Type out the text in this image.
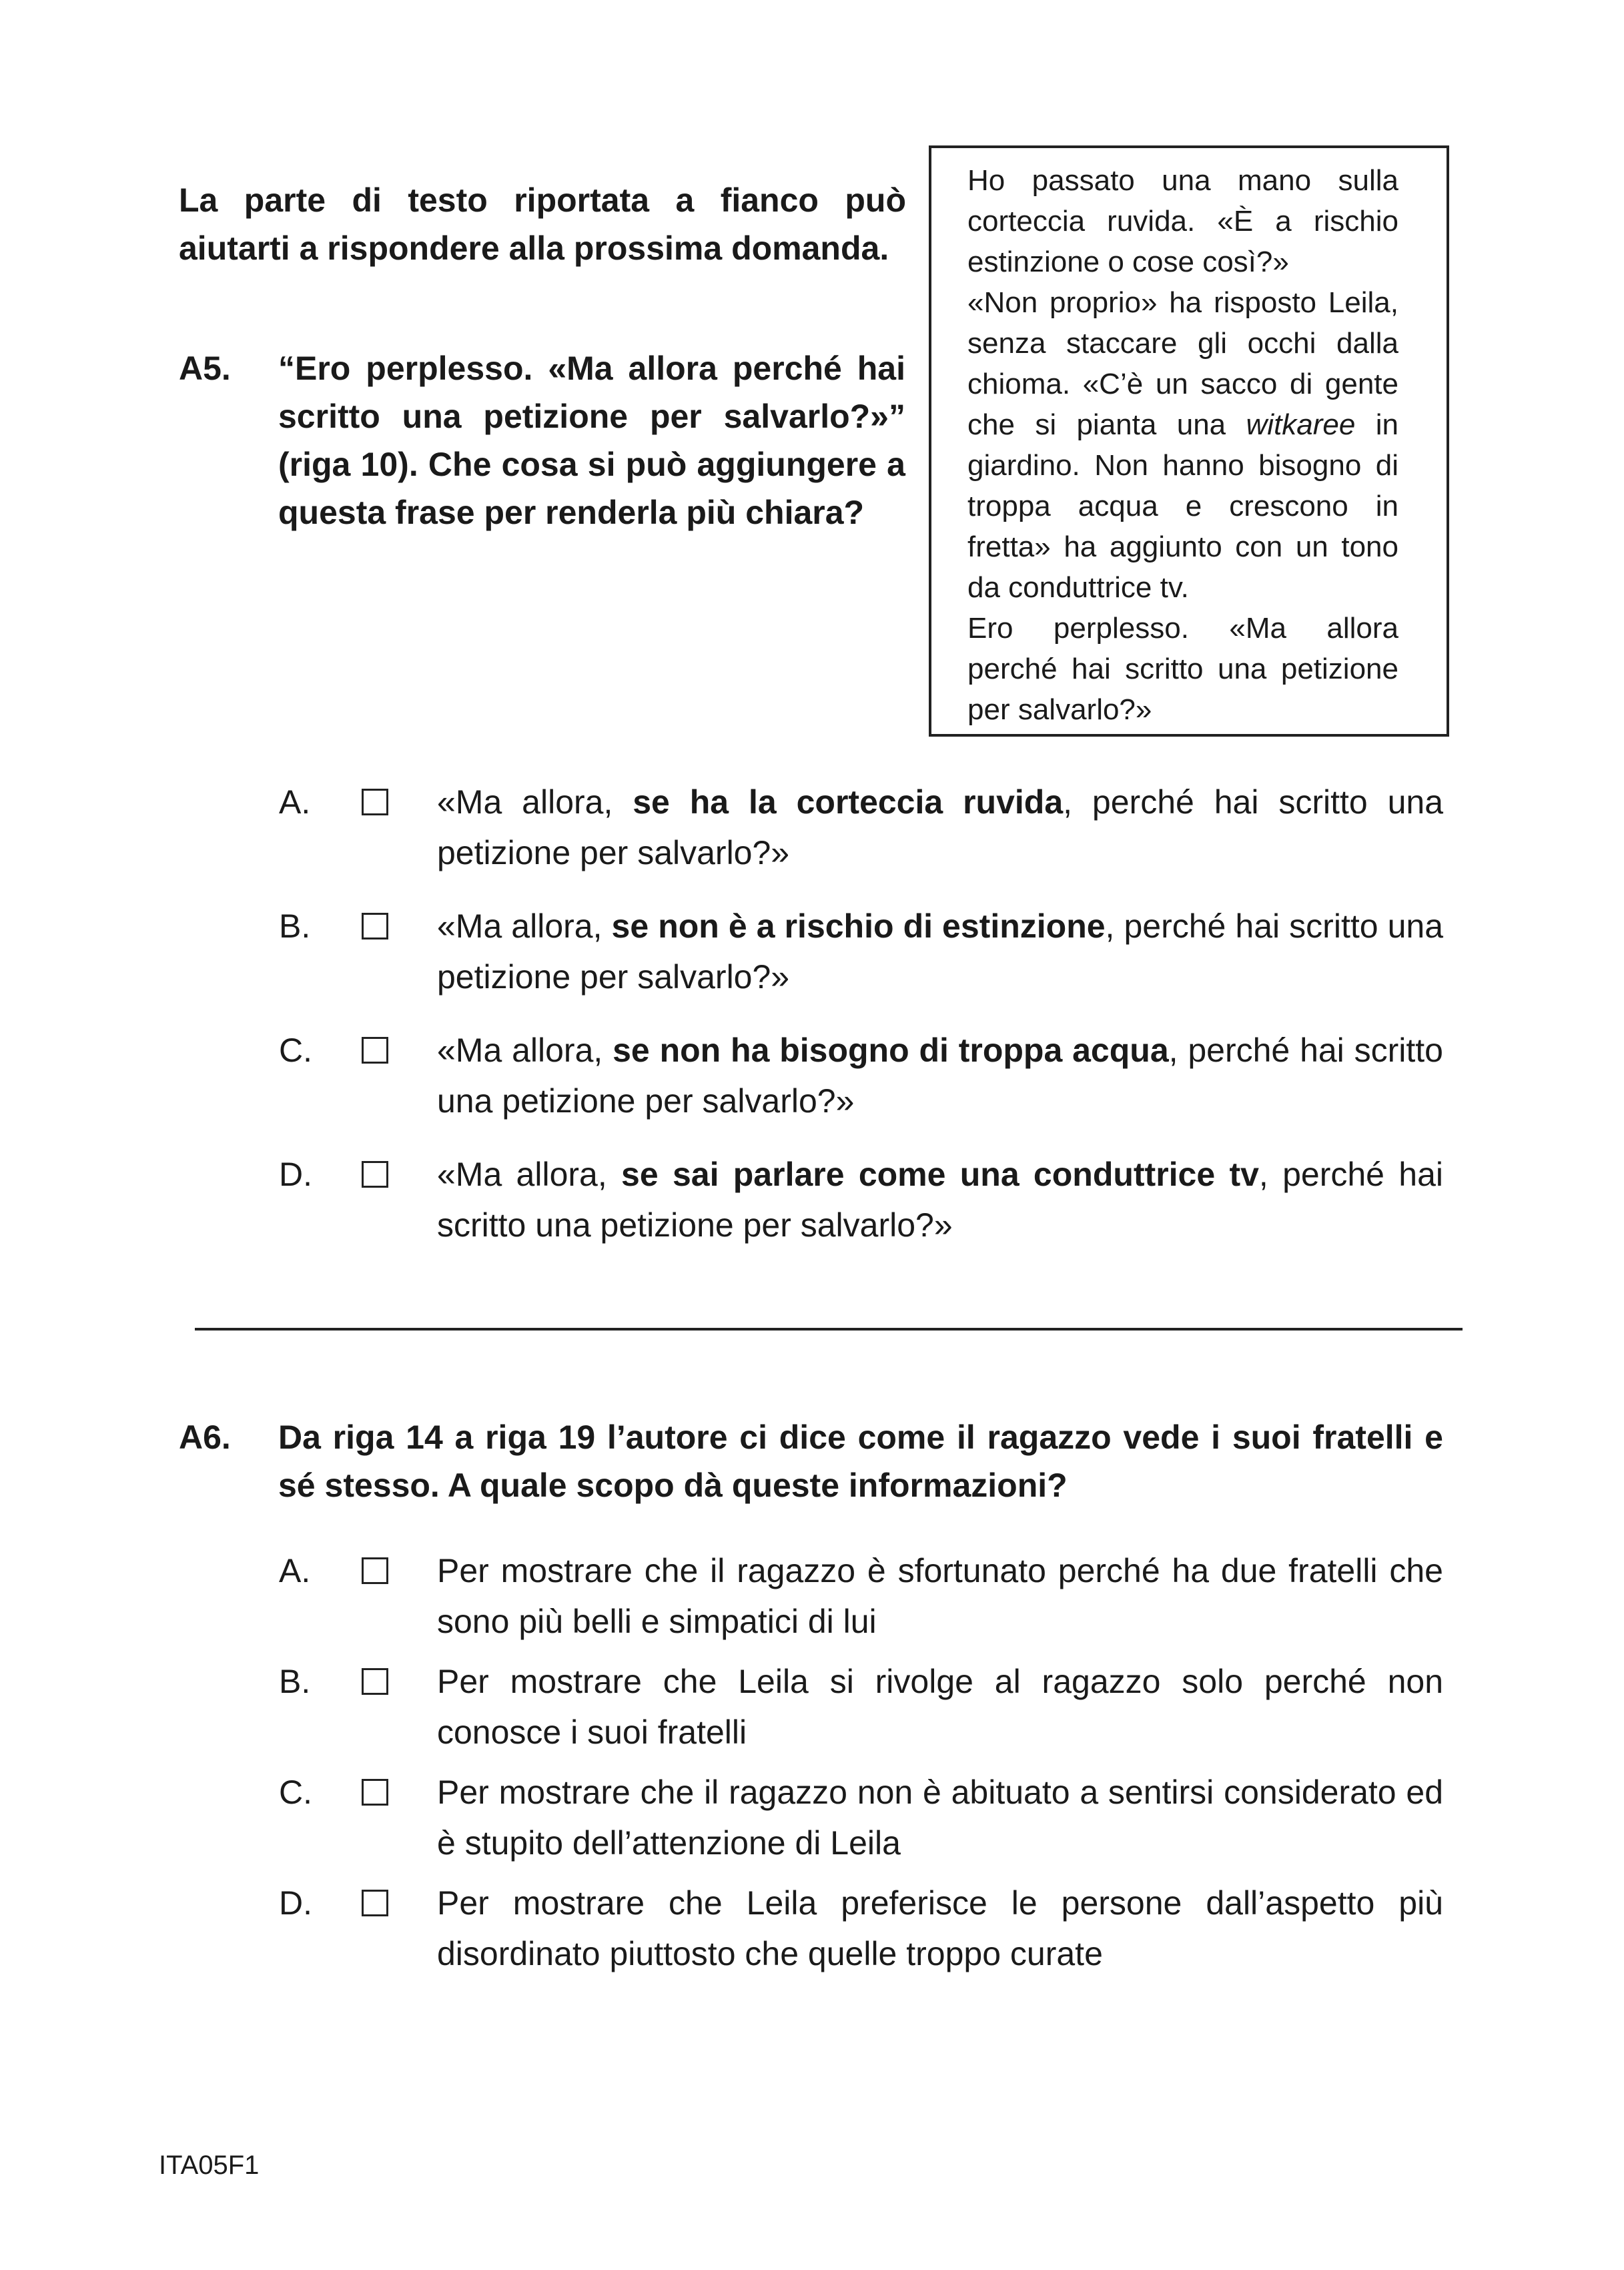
La parte di testo riportata a fianco può aiutarti a rispondere alla prossima domanda.

Ho passato una mano sulla corteccia ruvida. «È a rischio estinzione o cose così?»

«Non proprio» ha risposto Leila, senza staccare gli occhi dalla chioma. «C’è un sacco di gente che si pianta una witkaree in giardino. Non hanno bisogno di troppa acqua e crescono in fretta» ha aggiunto con un tono da conduttrice tv.

Ero perplesso. «Ma allora perché hai scritto una petizione per salvarlo?»

A5. “Ero perplesso. «Ma allora perché hai scritto una petizione per salvarlo?»” (riga 10). Che cosa si può aggiungere a questa frase per renderla più chiara?
A.	«Ma allora, se ha la corteccia ruvida, perché hai scritto una petizione per salvarlo?»
B.	«Ma allora, se non è a rischio di estinzione, perché hai scritto una petizione per salvarlo?»
C.	«Ma allora, se non ha bisogno di troppa acqua, perché hai scritto una petizione per salvarlo?»
D.	«Ma allora, se sai parlare come una conduttrice tv, perché hai scritto una petizione per salvarlo?»
A6. Da riga 14 a riga 19 l’autore ci dice come il ragazzo vede i suoi fratelli e sé stesso. A quale scopo dà queste informazioni?
A.	Per mostrare che il ragazzo è sfortunato perché ha due fratelli che sono più belli e simpatici di lui
B.	Per mostrare che Leila si rivolge al ragazzo solo perché non conosce i suoi fratelli
C.	Per mostrare che il ragazzo non è abituato a sentirsi considerato ed è stupito dell’attenzione di Leila
D.	Per mostrare che Leila preferisce le persone dall’aspetto più disordinato piuttosto che quelle troppo curate
ITA05F1
